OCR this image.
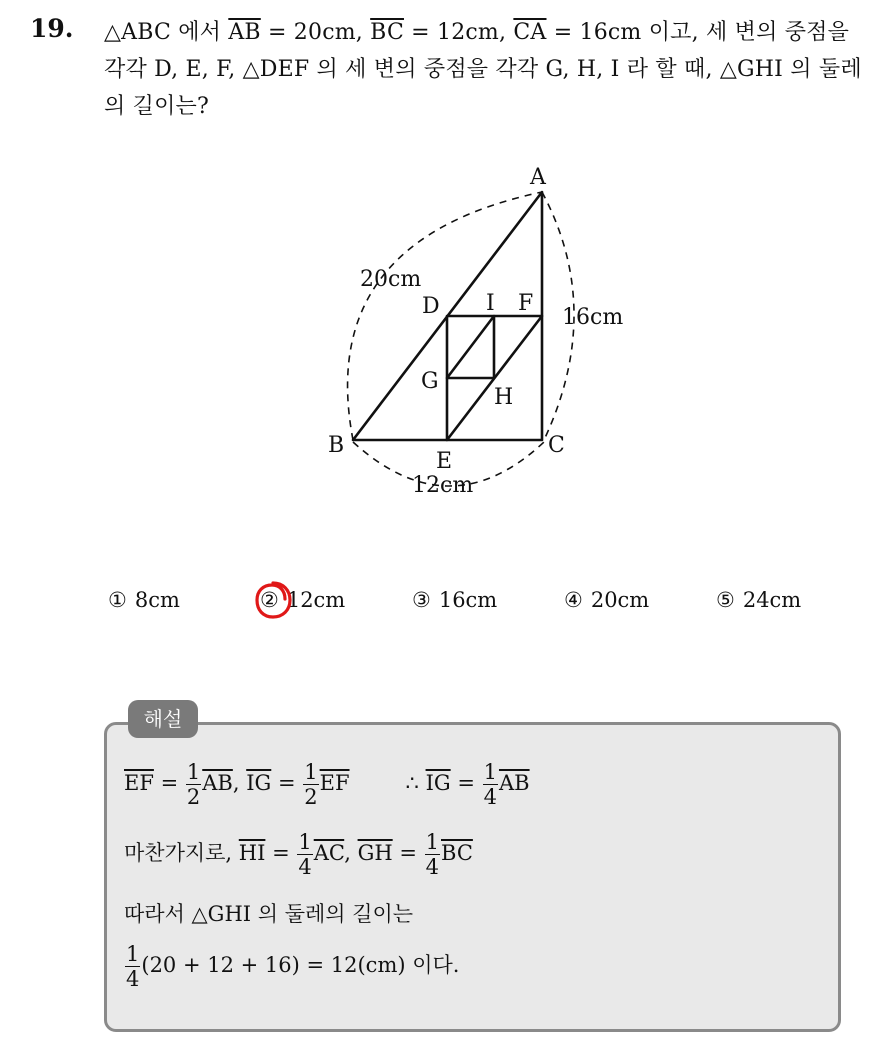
19. △ABC 에서 $\overline{AB} = 20cm$, $\overline{BC} = 12cm$, $\overline{CA} = 16cm$ 이고, 세 변의 중점을 각각 D, E, F, △DEF 의 세 변의 중점을 각각 G, H, I 라 할 때, △GHI 의 둘레의 길이는?
A
B	C
D
E
F
G
H
I
20cm
16cm
12cm
① 8cm	② 12cm	③ 16cm	④ 20cm	⑤ 24cm
해설
$\overline{EF} = \frac{1}{2} \overline{AB}$, $\overline{IG} = \frac{1}{2} \overline{EF}$	∴ $\overline{IG} = \frac{1}{4} \overline{AB}$
마찬가지로, $\overline{HI} = \frac{1}{4} \overline{AC}$, $\overline{GH} = \frac{1}{4} \overline{BC}$
따라서 △GHI 의 둘레의 길이는
$\frac{1}{4} (20 + 12 + 16) = 12(cm)$ 이다.
